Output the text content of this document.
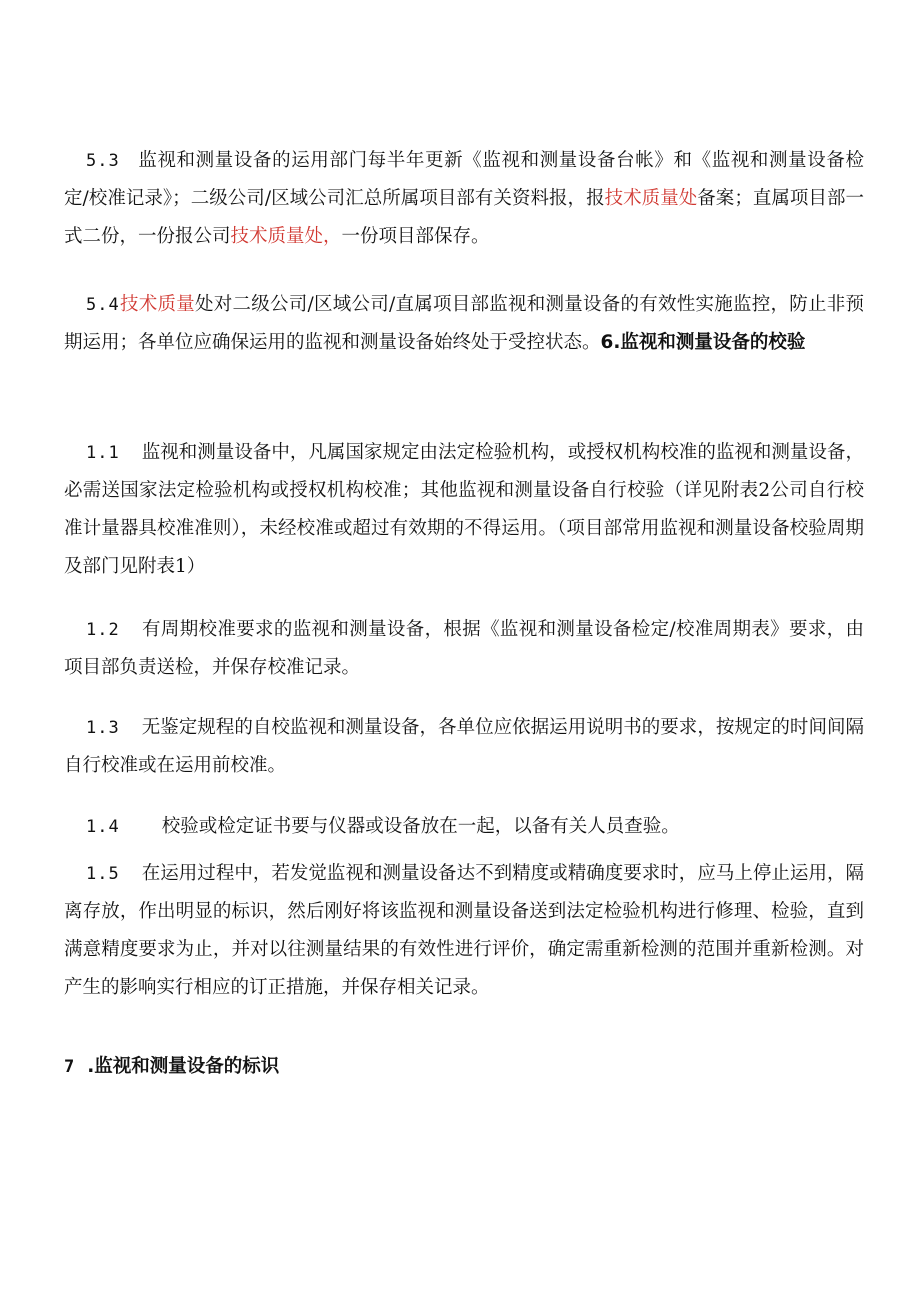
5.3 监视和测量设备的运用部门每半年更新《监视和测量设备台帐》和《监视和测量设备检定/校准记录》；二级公司/区域公司汇总所属项目部有关资料报，报技术质量处备案；直属项目部一式二份，一份报公司技术质量处，一份项目部保存。

5.4技术质量处对二级公司/区域公司/直属项目部监视和测量设备的有效性实施监控，防止非预期运用；各单位应确保运用的监视和测量设备始终处于受控状态。6.监视和测量设备的校验

1.1 监视和测量设备中，凡属国家规定由法定检验机构，或授权机构校准的监视和测量设备，必需送国家法定检验机构或授权机构校准；其他监视和测量设备自行校验（详见附表2公司自行校准计量器具校准准则），未经校准或超过有效期的不得运用。（项目部常用监视和测量设备校验周期及部门见附表1）

1.2 有周期校准要求的监视和测量设备，根据《监视和测量设备检定/校准周期表》要求，由项目部负责送检，并保存校准记录。

1.3 无鉴定规程的自校监视和测量设备，各单位应依据运用说明书的要求，按规定的时间间隔自行校准或在运用前校准。

1.4 校验或检定证书要与仪器或设备放在一起，以备有关人员查验。

1.5 在运用过程中，若发觉监视和测量设备达不到精度或精确度要求时，应马上停止运用，隔离存放，作出明显的标识，然后刚好将该监视和测量设备送到法定检验机构进行修理、检验，直到满意精度要求为止，并对以往测量结果的有效性进行评价，确定需重新检测的范围并重新检测。对产生的影响实行相应的订正措施，并保存相关记录。

7 .监视和测量设备的标识
